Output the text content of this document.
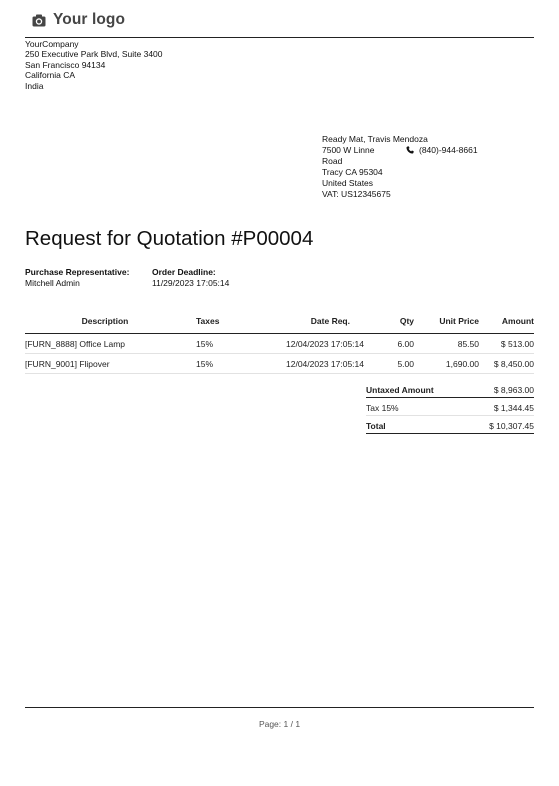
Your logo
YourCompany
250 Executive Park Blvd, Suite 3400
San Francisco 94134
California CA
India
Ready Mat, Travis Mendoza
7500 W Linne Road
(840)-944-8661
Tracy CA 95304
United States
VAT: US12345675
Request for Quotation #P00004
Purchase Representative:
Mitchell Admin
Order Deadline:
11/29/2023 17:05:14
Description	Taxes	Date Req.	Qty	Unit Price	Amount
[FURN_8888] Office Lamp	15%	12/04/2023 17:05:14	6.00	85.50	$ 513.00
[FURN_9001] Flipover	15%	12/04/2023 17:05:14	5.00	1,690.00	$ 8,450.00
Untaxed Amount	$ 8,963.00
Tax 15%	$ 1,344.45
Total	$ 10,307.45
Page: 1 / 1
